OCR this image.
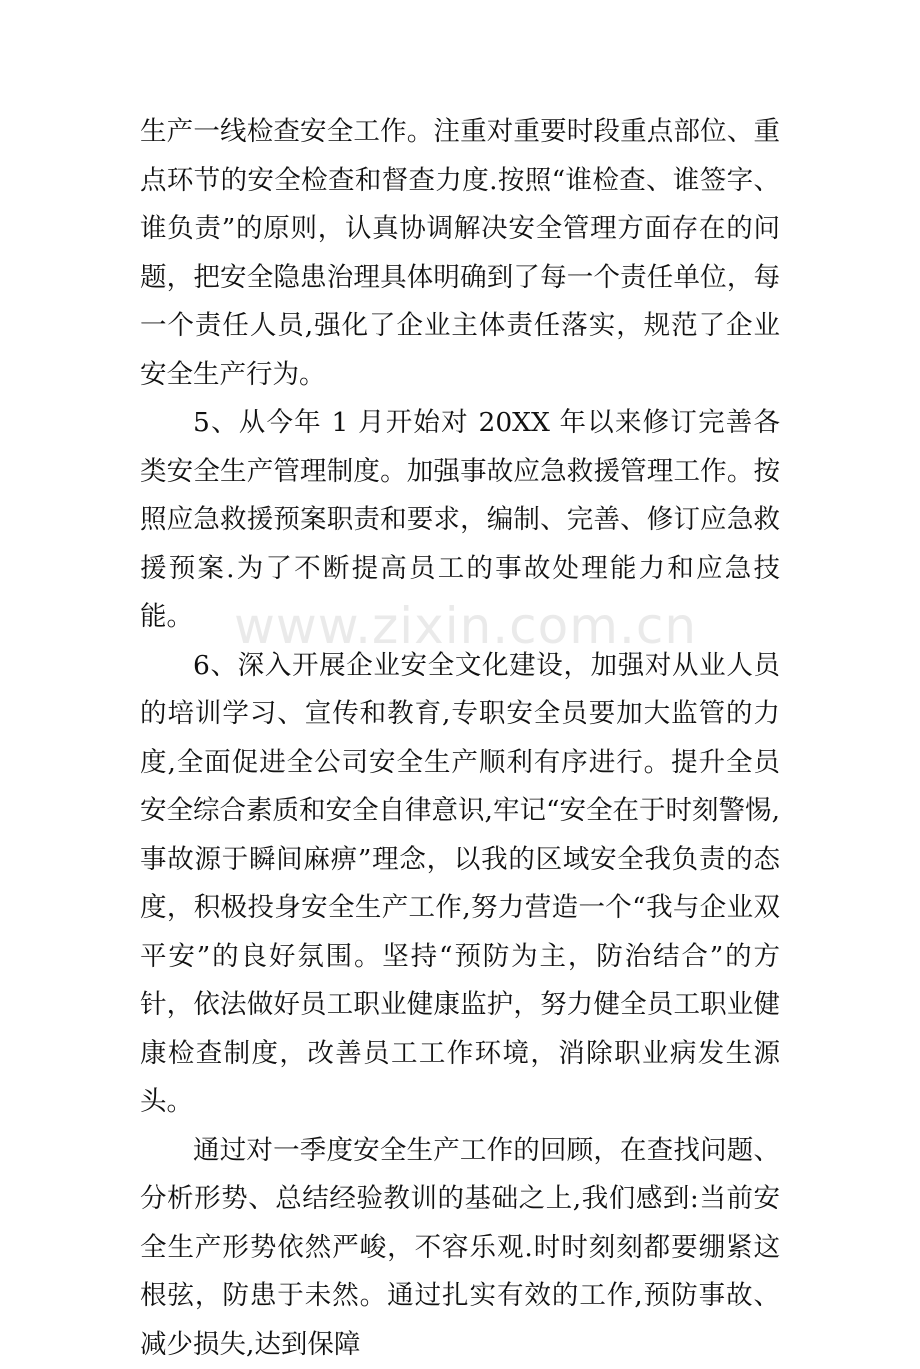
生产一线检查安全工作。注重对重要时段重点部位、重点环节的安全检查和督查力度.按照“谁检查、谁签字、谁负责”的原则，认真协调解决安全管理方面存在的问题，把安全隐患治理具体明确到了每一个责任单位，每一个责任人员,强化了企业主体责任落实，规范了企业安全生产行为。

5、从今年 1 月开始对 20XX 年以来修订完善各类安全生产管理制度。加强事故应急救援管理工作。按照应急救援预案职责和要求，编制、完善、修订应急救援预案.为了不断提高员工的事故处理能力和应急技能。

6、深入开展企业安全文化建设，加强对从业人员的培训学习、宣传和教育,专职安全员要加大监管的力度,全面促进全公司安全生产顺利有序进行。提升全员安全综合素质和安全自律意识,牢记“安全在于时刻警惕,事故源于瞬间麻痹”理念，以我的区域安全我负责的态度，积极投身安全生产工作,努力营造一个“我与企业双平安”的良好氛围。坚持“预防为主，防治结合”的方针，依法做好员工职业健康监护，努力健全员工职业健康检查制度，改善员工工作环境，消除职业病发生源头。

通过对一季度安全生产工作的回顾，在查找问题、分析形势、总结经验教训的基础之上,我们感到:当前安全生产形势依然严峻，不容乐观.时时刻刻都要绷紧这根弦，防患于未然。通过扎实有效的工作,预防事故、减少损失,达到保障

www.zixin.com.cn
